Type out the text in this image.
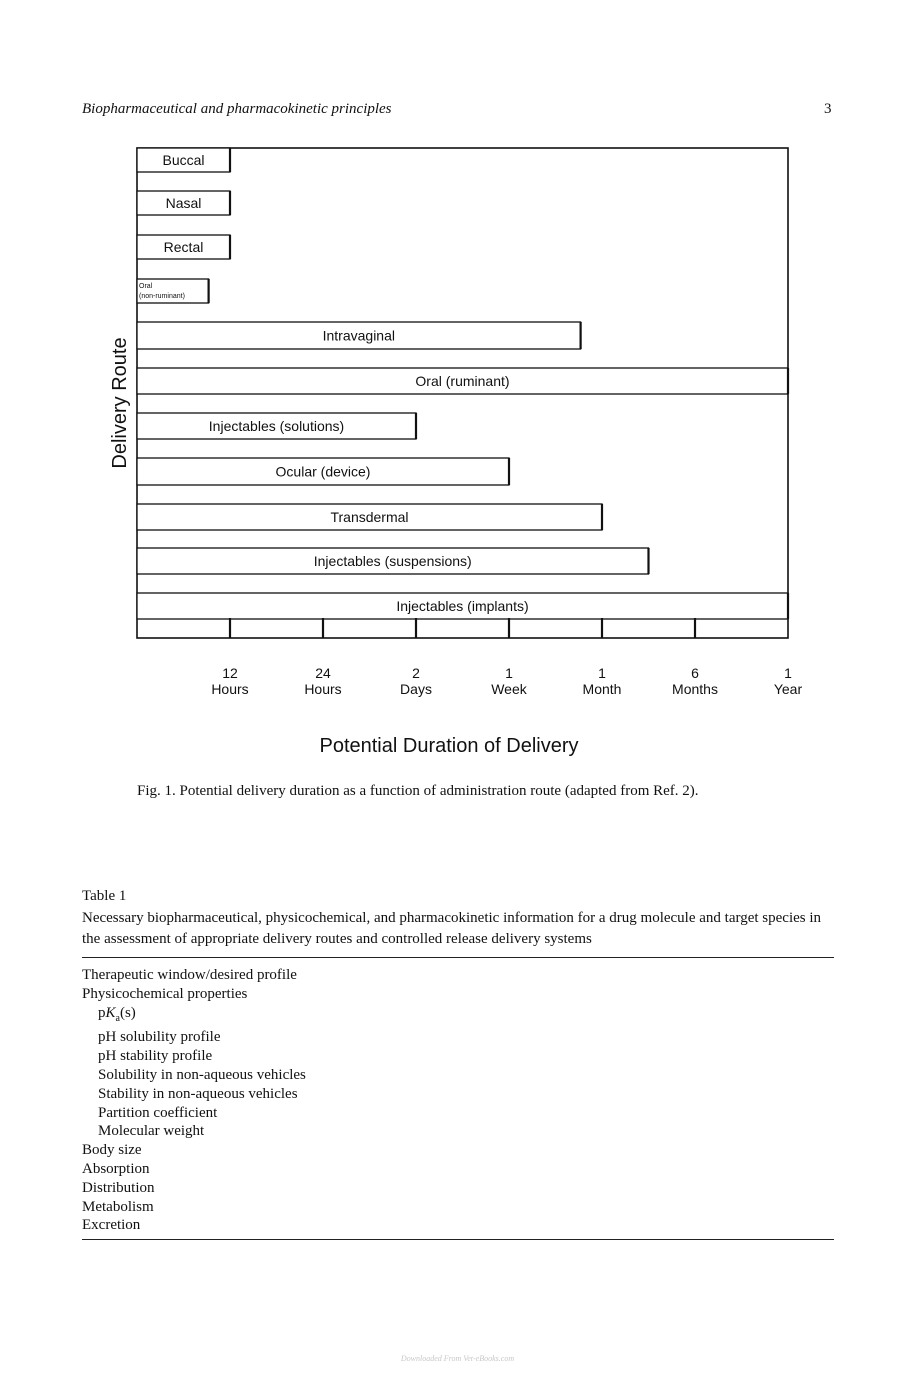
Biopharmaceutical and pharmacokinetic principles	3
Buccal
Nasal
Rectal
Oral
(non-ruminant)
Intravaginal
Oral (ruminant)
Injectables (solutions)
Ocular (device)
Transdermal
Injectables (suspensions)
Injectables (implants)
12
Hours
24
Hours
2
Days
1
Week
1
Month
6
Months
1
Year
Delivery Route
Potential Duration of Delivery
Fig. 1. Potential delivery duration as a function of administration route (adapted from Ref. 2).
Table 1
Necessary biopharmaceutical, physicochemical, and pharmacokinetic information for a drug molecule and target species in the assessment of appropriate delivery routes and controlled release delivery systems
Therapeutic window/desired profile
Physicochemical properties
$pK_a(s)$
pH solubility profile
pH stability profile
Solubility in non-aqueous vehicles
Stability in non-aqueous vehicles
Partition coefficient
Molecular weight
Body size
Absorption
Distribution
Metabolism
Excretion
Downloaded From Vet-eBooks.com
